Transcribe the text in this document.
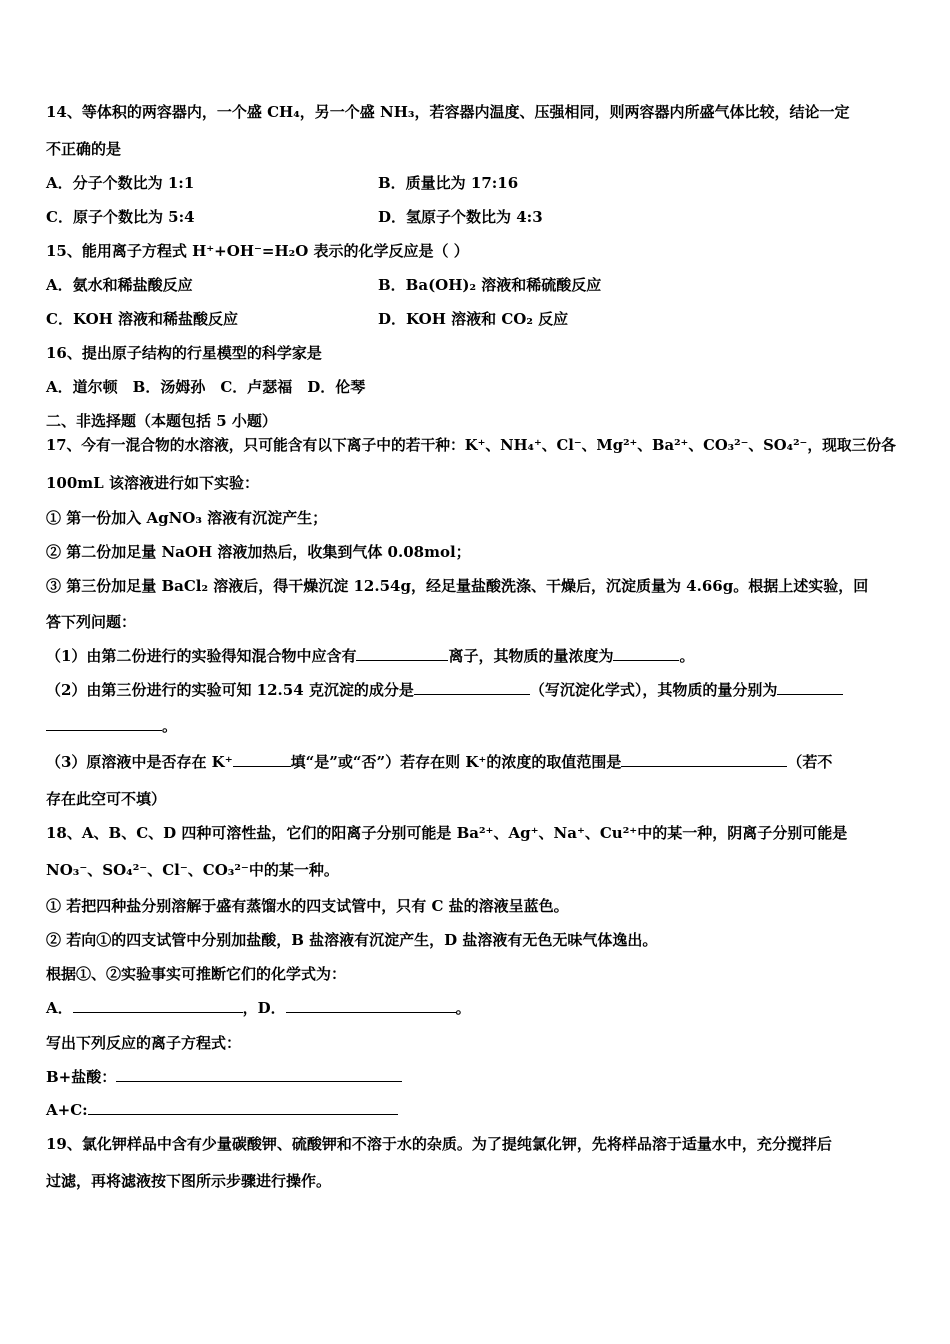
14、等体积的两容器内，一个盛 CH₄，另一个盛 NH₃，若容器内温度、压强相同，则两容器内所盛气体比较，结论一定
不正确的是
A．分子个数比为 1:1	B．质量比为 17:16
C．原子个数比为 5:4	D．氢原子个数比为 4:3
15、能用离子方程式 H⁺+OH⁻=H₂O 表示的化学反应是（ ）
A．氨水和稀盐酸反应	B．Ba(OH)₂ 溶液和稀硫酸反应
C．KOH 溶液和稀盐酸反应	D．KOH 溶液和 CO₂ 反应
16、提出原子结构的行星模型的科学家是
A．道尔顿　B．汤姆孙　C．卢瑟福　D．伦琴
二、非选择题（本题包括 5 小题）
17、今有一混合物的水溶液，只可能含有以下离子中的若干种：K⁺、NH₄⁺、Cl⁻、Mg²⁺、Ba²⁺、CO₃²⁻、SO₄²⁻，现取三份各
100mL 该溶液进行如下实验：
① 第一份加入 AgNO₃ 溶液有沉淀产生；
② 第二份加足量 NaOH 溶液加热后，收集到气体 0.08mol；
③ 第三份加足量 BaCl₂ 溶液后，得干燥沉淀 12.54g，经足量盐酸洗涤、干燥后，沉淀质量为 4.66g。根据上述实验，回
答下列问题：
（1）由第二份进行的实验得知混合物中应含有	离子，其物质的量浓度为	。
（2）由第三份进行的实验可知 12.54 克沉淀的成分是	（写沉淀化学式），其物质的量分别为
。
（3）原溶液中是否存在 K⁺	填“是”或“否”）若存在则 K⁺的浓度的取值范围是	（若不
存在此空可不填）
18、A、B、C、D 四种可溶性盐，它们的阳离子分别可能是 Ba²⁺、Ag⁺、Na⁺、Cu²⁺中的某一种，阴离子分别可能是
NO₃⁻、SO₄²⁻、Cl⁻、CO₃²⁻中的某一种。
① 若把四种盐分别溶解于盛有蒸馏水的四支试管中，只有 C 盐的溶液呈蓝色。
② 若向①的四支试管中分别加盐酸，B 盐溶液有沉淀产生，D 盐溶液有无色无味气体逸出。
根据①、②实验事实可推断它们的化学式为：
A．	，D．	。
写出下列反应的离子方程式：
B+盐酸：
A+C:
19、氯化钾样品中含有少量碳酸钾、硫酸钾和不溶于水的杂质。为了提纯氯化钾，先将样品溶于适量水中，充分搅拌后
过滤，再将滤液按下图所示步骤进行操作。
